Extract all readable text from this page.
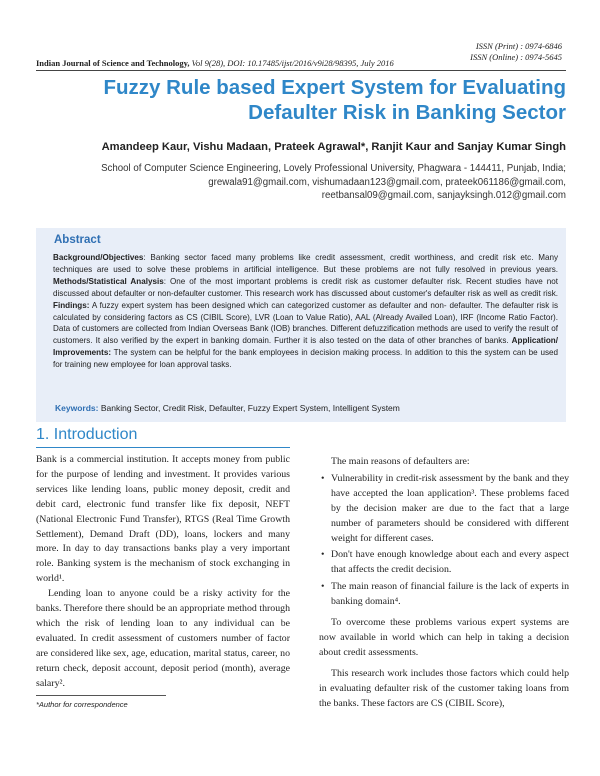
ISSN (Print) : 0974-6846
ISSN (Online) : 0974-5645
Indian Journal of Science and Technology, Vol 9(28), DOI: 10.17485/ijst/2016/v9i28/98395, July 2016
Fuzzy Rule based Expert System for Evaluating Defaulter Risk in Banking Sector
Amandeep Kaur, Vishu Madaan, Prateek Agrawal*, Ranjit Kaur and Sanjay Kumar Singh
School of Computer Science Engineering, Lovely Professional University, Phagwara - 144411, Punjab, India;
grewala91@gmail.com, vishumadaan123@gmail.com, prateek061186@gmail.com,
reetbansal09@gmail.com, sanjayksingh.012@gmail.com
Abstract
Background/Objectives: Banking sector faced many problems like credit assessment, credit worthiness, and credit risk etc. Many techniques are used to solve these problems in artificial intelligence. But these problems are not fully resolved in previous years. Methods/Statistical Analysis: One of the most important problems is credit risk as customer defaulter risk. Recent studies have not discussed about defaulter or non-defaulter customer. This research work has discussed about customer's defaulter risk as well as credit risk. Findings: A fuzzy expert system has been designed which can categorized customer as defaulter and non- defaulter. The defaulter risk is calculated by considering factors as CS (CIBIL Score), LVR (Loan to Value Ratio), AAL (Already Availed Loan), IRF (Income Ratio Factor). Data of customers are collected from Indian Overseas Bank (IOB) branches. Different defuzzification methods are used to verify the result of customers. It also verified by the expert in banking domain. Further it is also tested on the data of other branches of banks. Application/ Improvements: The system can be helpful for the bank employees in decision making process. In addition to this the system can be used for training new employee for loan approval tasks.
Keywords: Banking Sector, Credit Risk, Defaulter, Fuzzy Expert System, Intelligent System
1. Introduction

Bank is a commercial institution. It accepts money from public for the purpose of lending and investment. It provides various services like lending loans, public money deposit, credit and debit card, electronic fund transfer like fix deposit, NEFT (National Electronic Fund Transfer), RTGS (Real Time Growth Settlement), Demand Draft (DD), loans, lockers and many more. In day to day transactions banks play a very important role. Banking system is the mechanism of stock exchanging in world¹.

Lending loan to anyone could be a risky activity for the banks. Therefore there should be an appropriate method through which the risk of lending loan to any individual can be evaluated. In credit assessment of customers number of factor are considered like sex, age, education, marital status, career, no return check, deposit account, deposit period (month), average salary².

The main reasons of defaulters are:

• Vulnerability in credit-risk assessment by the bank and they have accepted the loan application³. These problems faced by the decision maker are due to the fact that a large number of parameters should be considered with different weight for different cases.
• Don't have enough knowledge about each and every aspect that affects the credit decision.
• The main reason of financial failure is the lack of experts in banking domain⁴.

To overcome these problems various expert systems are now available in world which can help in taking a decision about credit assessments.

This research work includes those factors which could help in evaluating defaulter risk of the customer taking loans from the banks. These factors are CS (CIBIL Score),

*Author for correspondence
